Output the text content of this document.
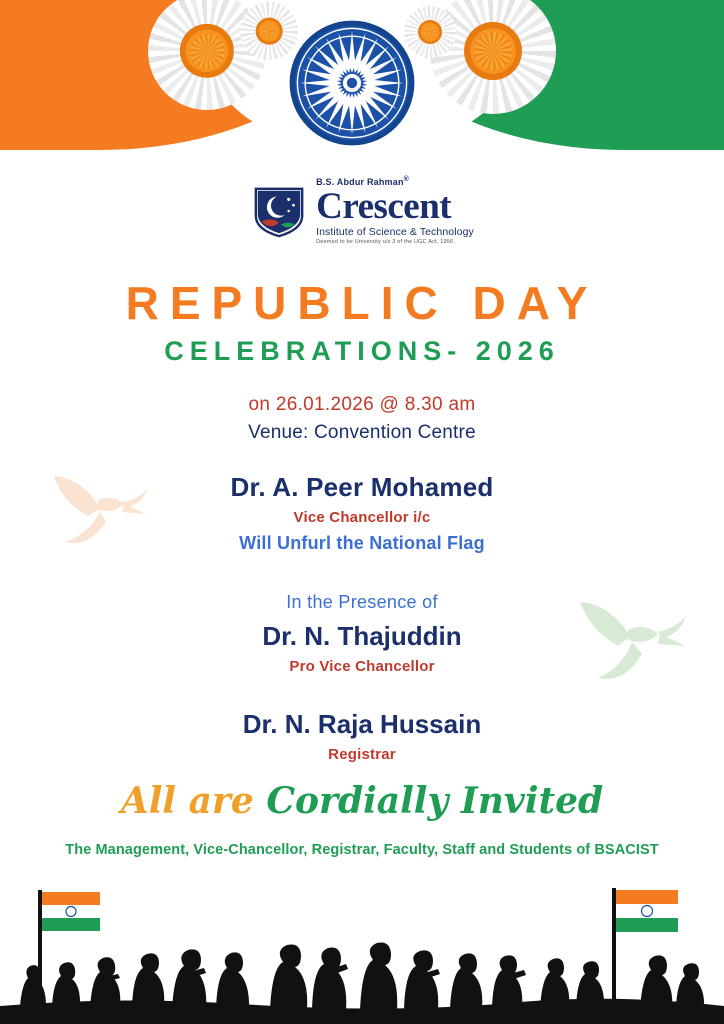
B.S. Abdur Rahman®
Crescent
Institute of Science & Technology
Deemed to be University u/s 3 of the UGC Act, 1956
REPUBLIC DAY
CELEBRATIONS- 2026
on 26.01.2026 @ 8.30 am
Venue: Convention Centre
Dr. A. Peer Mohamed
Vice Chancellor i/c
Will Unfurl the National Flag
In the Presence of
Dr. N. Thajuddin
Pro Vice Chancellor
Dr. N. Raja Hussain
Registrar
All are Cordially Invited
The Management, Vice-Chancellor, Registrar, Faculty, Staff and Students of BSACIST
